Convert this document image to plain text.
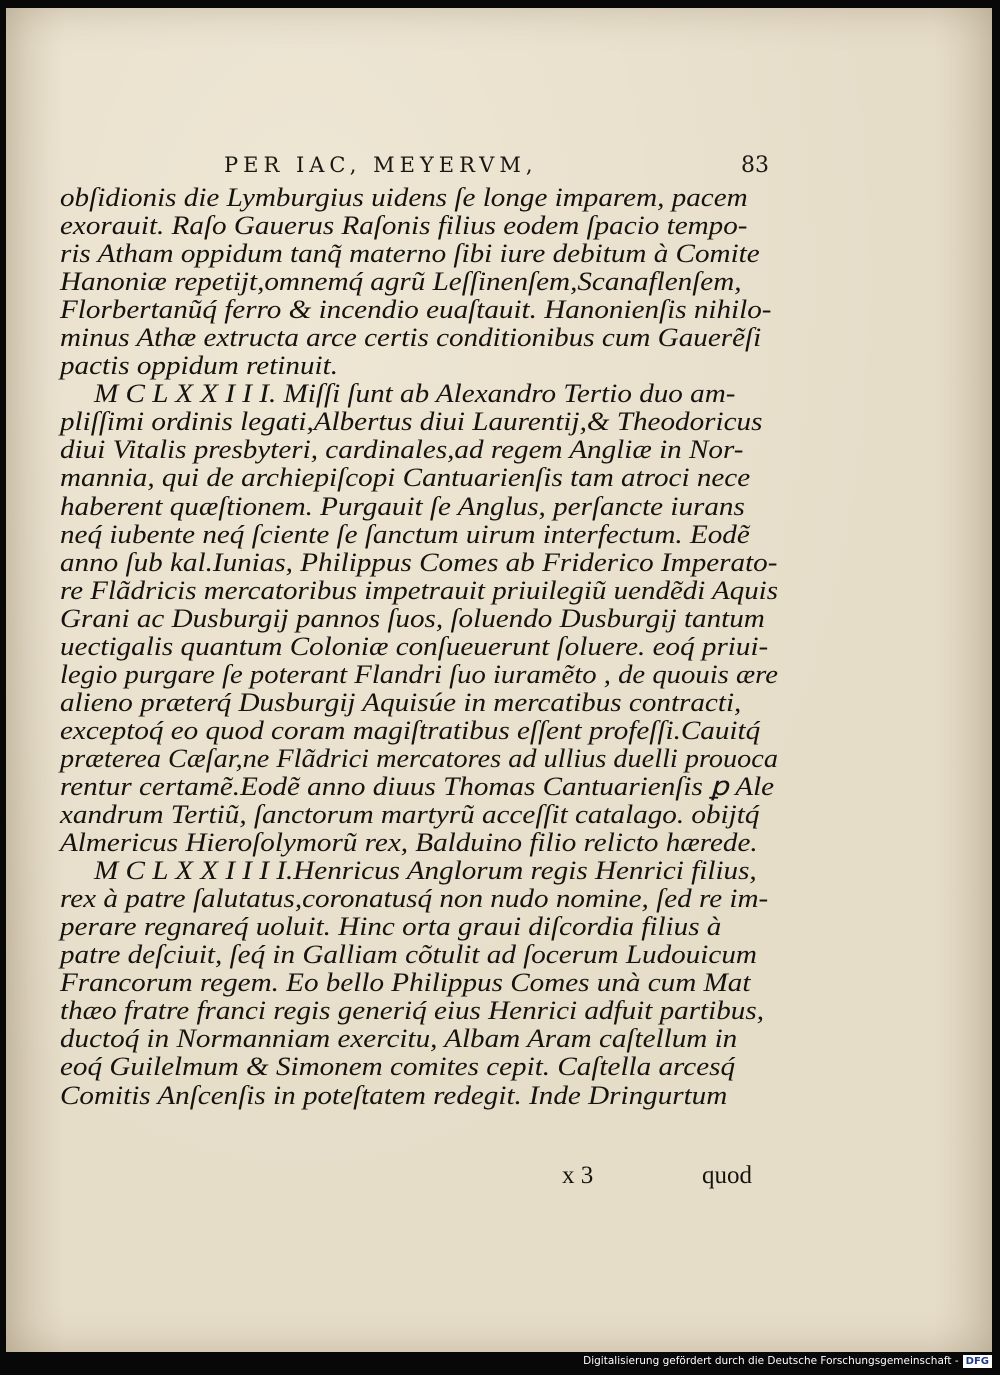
PER IAC, MEYERVM,	83
obſidionis die Lymburgius uidens ſe longe imparem, pacem
exorauit. Raſo Gauerus Raſonis filius eodem ſpacio tempo-
ris Atham oppidum tanq̃ materno ſibi iure debitum à Comite
Hanoniæ repetijt,omnemq́ agrũ Leſſinenſem,Scanaflenſem,
Florbertanũq́ ferro & incendio euaſtauit. Hanonienſis nihilo-
minus Athæ extructa arce certis conditionibus cum Gauerẽſi
pactis oppidum retinuit.
M C L X X I I I. Miſſi ſunt ab Alexandro Tertio duo am-
pliſſimi ordinis legati,Albertus diui Laurentij,& Theodoricus
diui Vitalis presbyteri, cardinales,ad regem Angliæ in Nor-
mannia, qui de archiepiſcopi Cantuarienſis tam atroci nece
haberent quæſtionem. Purgauit ſe Anglus, perſancte iurans
neq́ iubente neq́ ſciente ſe ſanctum uirum interfectum. Eodẽ
anno ſub kal.Iunias, Philippus Comes ab Friderico Imperato-
re Flãdricis mercatoribus impetrauit priuilegiũ uendẽdi Aquis
Grani ac Dusburgij pannos ſuos, ſoluendo Dusburgij tantum
uectigalis quantum Coloniæ conſueuerunt ſoluere. eoq́ priui-
legio purgare ſe poterant Flandri ſuo iuramẽto , de quouis ære
alieno præterq́ Dusburgij Aquisúe in mercatibus contracti,
exceptoq́ eo quod coram magiſtratibus eſſent profeſſi.Cauitq́
præterea Cæſar,ne Flãdrici mercatores ad ullius duelli prouoca
rentur certamẽ.Eodẽ anno diuus Thomas Cantuarienſis ꝑ Ale
xandrum Tertiũ, ſanctorum martyrũ acceſſit catalago. obijtq́
Almericus Hieroſolymorũ rex, Balduino filio relicto hærede.
M C L X X I I I I.Henricus Anglorum regis Henrici filius,
rex à patre ſalutatus,coronatusq́ non nudo nomine, ſed re im-
perare regnareq́ uoluit. Hinc orta graui diſcordia filius à
patre deſciuit, ſeq́ in Galliam cõtulit ad ſocerum Ludouicum
Francorum regem. Eo bello Philippus Comes unà cum Mat
thæo fratre franci regis generiq́ eius Henrici adfuit partibus,
ductoq́ in Normanniam exercitu, Albam Aram caſtellum in
eoq́ Guilelmum & Simonem comites cepit. Caſtella arcesq́
Comitis Anſcenſis in poteſtatem redegit. Inde Dringurtum
x 3	quod
Digitalisierung gefördert durch die Deutsche Forschungsgemeinschaft - DFG
